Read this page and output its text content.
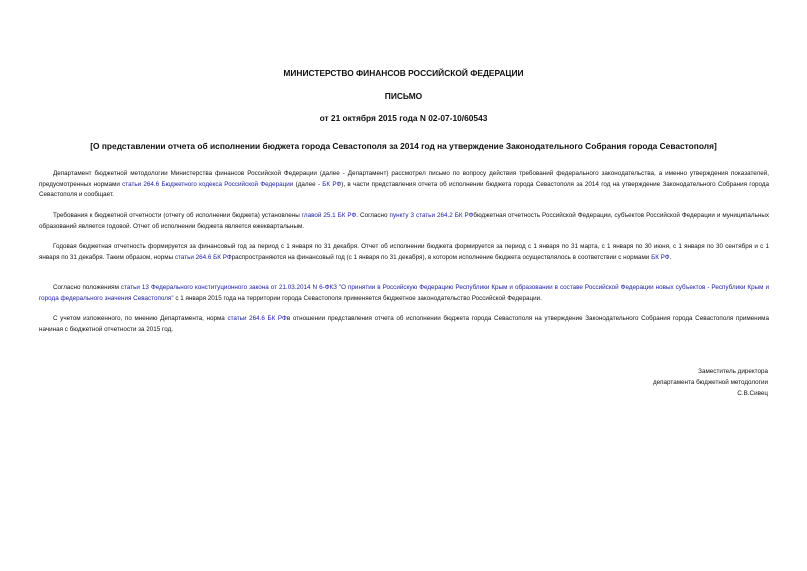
МИНИСТЕРСТВО ФИНАНСОВ РОССИЙСКОЙ ФЕДЕРАЦИИ
ПИСЬМО
от 21 октября 2015 года N 02-07-10/60543
[О представлении отчета об исполнении бюджета города Севастополя за 2014 год на утверждение Законодательного Собрания города Севастополя]

Департамент бюджетной методологии Министерства финансов Российской Федерации (далее - Департамент) рассмотрел письмо по вопросу действия требований федерального законодательства, а именно утверждения показателей, предусмотренных нормами статьи 264.6 Бюджетного кодекса Российской Федерации (далее - БК РФ), в части представления отчета об исполнении бюджета города Севастополя за 2014 год на утверждение Законодательного Собрания города Севастополя и сообщает.

Требования к бюджетной отчетности (отчету об исполнении бюджета) установлены главой 25.1 БК РФ. Согласно пункту 3 статьи 264.2 БК РФбюджетная отчетность Российской Федерации, субъектов Российской Федерации и муниципальных образований является годовой. Отчет об исполнении бюджета является ежеквартальным.

Годовая бюджетная отчетность формируется за финансовый год за период с 1 января по 31 декабря. Отчет об исполнении бюджета формируется за период с 1 января по 31 марта, с 1 января по 30 июня, с 1 января по 30 сентября и с 1 января по 31 декабря. Таким образом, нормы статьи 264.6 БК РФраспространяются на финансовый год (с 1 января по 31 декабря), в котором исполнение бюджета осуществлялось в соответствии с нормами БК РФ.

Согласно положениям статьи 13 Федерального конституционного закона от 21.03.2014 N 6-ФКЗ "О принятии в Российскую Федерацию Республики Крым и образовании в составе Российской Федерации новых субъектов - Республики Крым и города федерального значения Севастополя" с 1 января 2015 года на территории города Севастополя применяется бюджетное законодательство Российской Федерации.

С учетом изложенного, по мнению Департамента, норма статьи 264.6 БК РФв отношении представления отчета об исполнении бюджета города Севастополя на утверждение Законодательного Собрания города Севастополя применима начиная с бюджетной отчетности за 2015 год.

Заместитель директора
департамента бюджетной методологии
С.В.Сивец
